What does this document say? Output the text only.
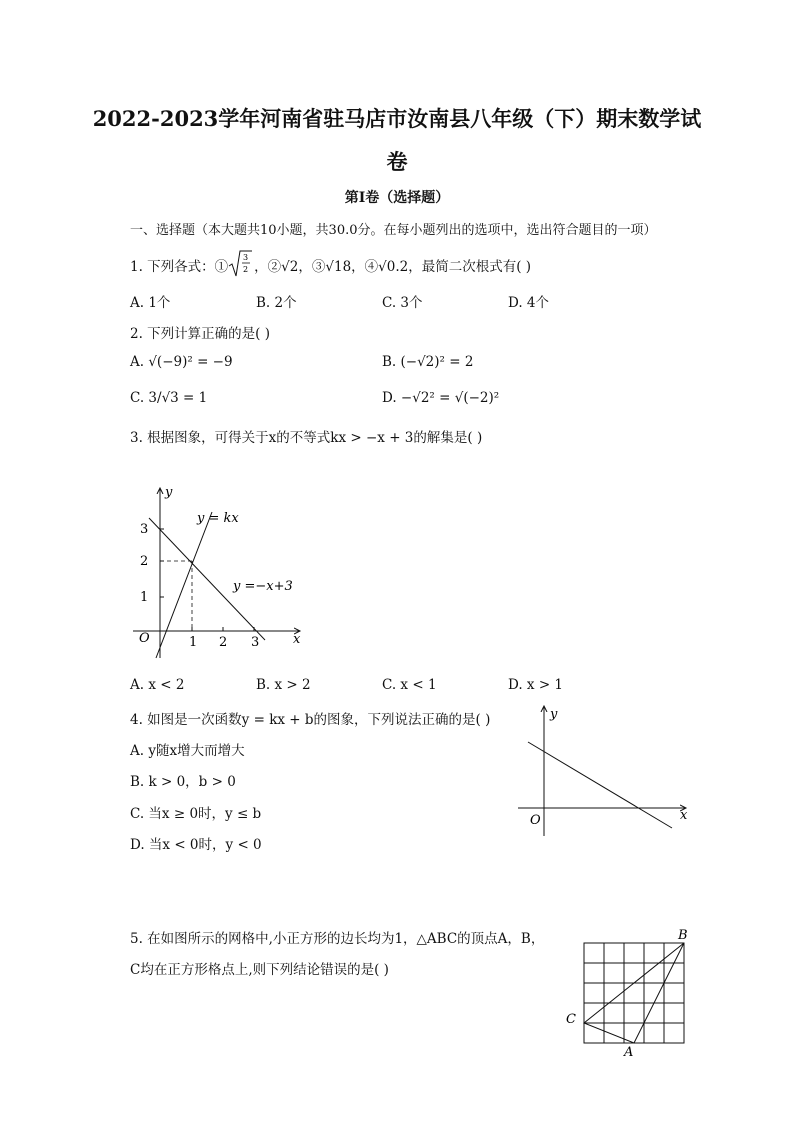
2022-2023学年河南省驻马店市汝南县八年级（下）期末数学试
卷
第I卷（选择题）
一、选择题（本大题共10小题，共30.0分。在每小题列出的选项中，选出符合题目的一项）
1. 下列各式：①
3
2 ，②√2，③√18，④√0.2，最简二次根式有( )
A. 1个	B. 2个	C. 3个	D. 4个
2. 下列计算正确的是( )
A. √(−9)² = −9	B. (−√2)² = 2
C. 3/√3 = 1	D. −√2² = √(−2)²
3. 根据图象，可得关于x的不等式kx > −x + 3的解集是( )
3
2
1
1 2 3
O	x
y
y = kx
y =−x+3
A. x < 2	B. x > 2	C. x < 1	D. x > 1
4. 如图是一次函数y = kx + b的图象，下列说法正确的是( )
A. y随x增大而增大
B. k > 0，b > 0
C. 当x ≥ 0时，y ≤ b
D. 当x < 0时，y < 0
O	x
y
5. 在如图所示的网格中,小正方形的边长均为1，△ABC的顶点A，B，
C均在正方形格点上,则下列结论错误的是( )
B
C
A
